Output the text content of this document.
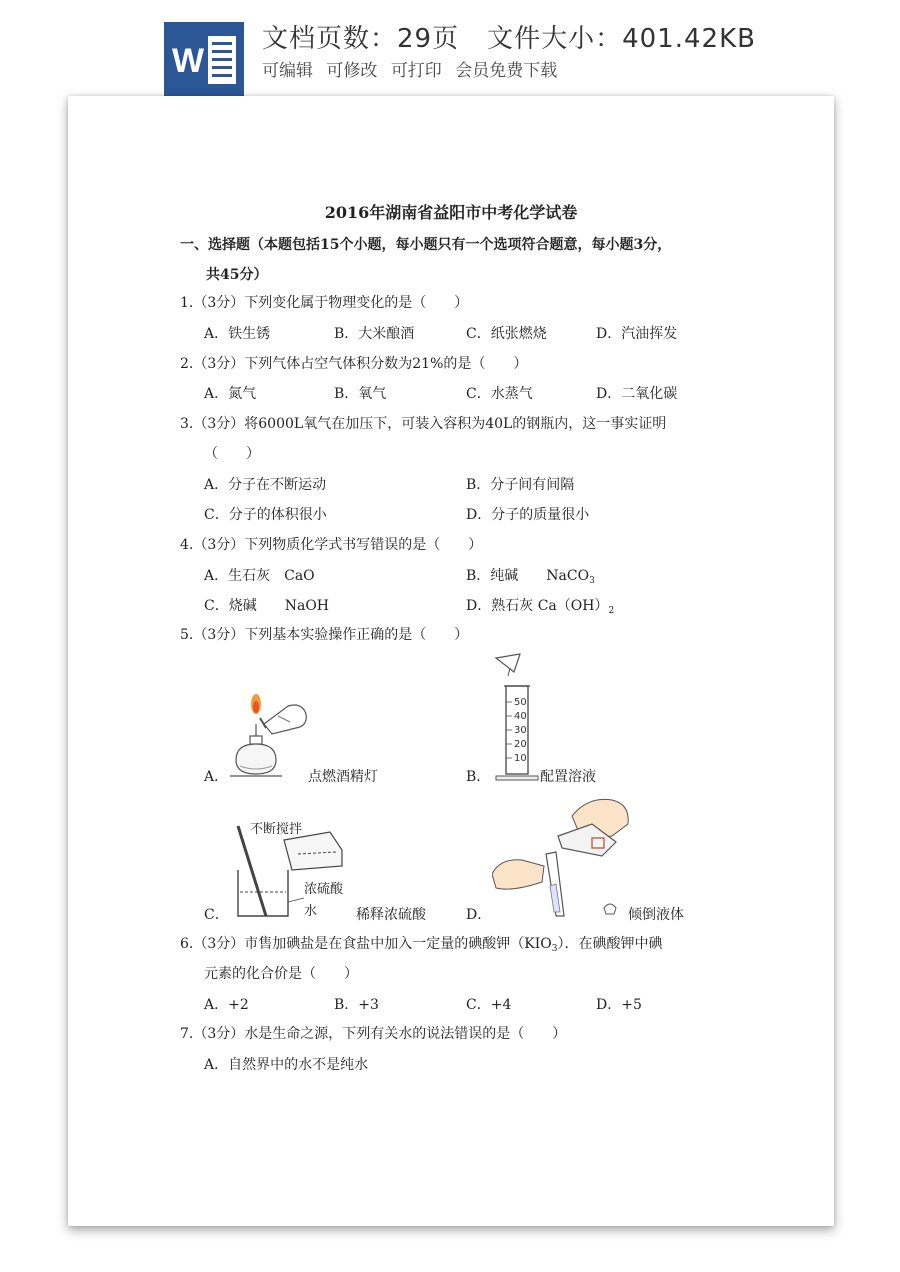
W
文档页数：29页 文件大小：401.42KB
可编辑 可修改 可打印 会员免费下载
2016年湖南省益阳市中考化学试卷
一、选择题（本题包括15个小题，每小题只有一个选项符合题意，每小题3分，
共45分）
1.（3分）下列变化属于物理变化的是（　　）
A．铁生锈	B．大米酿酒	C．纸张燃烧	D．汽油挥发
2.（3分）下列气体占空气体积分数为21%的是（　　）
A．氮气	B．氧气	C．水蒸气	D．二氧化碳
3.（3分）将6000L氧气在加压下，可装入容积为40L的钢瓶内，这一事实证明
（　　）
A．分子在不断运动	B．分子间有间隔
C．分子的体积很小	D．分子的质量很小
4.（3分）下列物质化学式书写错误的是（　　）
A．生石灰　 CaO	B．纯碱　　 NaCO$_3$
C．烧碱　　 NaOH	D．熟石灰 $Ca(OH)_2$
5.（3分）下列基本实验操作正确的是（　　）
A．	点燃酒精灯
50
40
30
20
10
B．	配置溶液
不断搅拌
浓硫酸
水
C．	稀释浓硫酸	D．	倾倒液体
6.（3分）市售加碘盐是在食盐中加入一定量的碘酸钾$(KIO_3)$．在碘酸钾中碘
元素的化合价是（　　）
A．+2	B．+3	C．+4	D．+5
7.（3分）水是生命之源，下列有关水的说法错误的是（　　）
A．自然界中的水不是纯水
